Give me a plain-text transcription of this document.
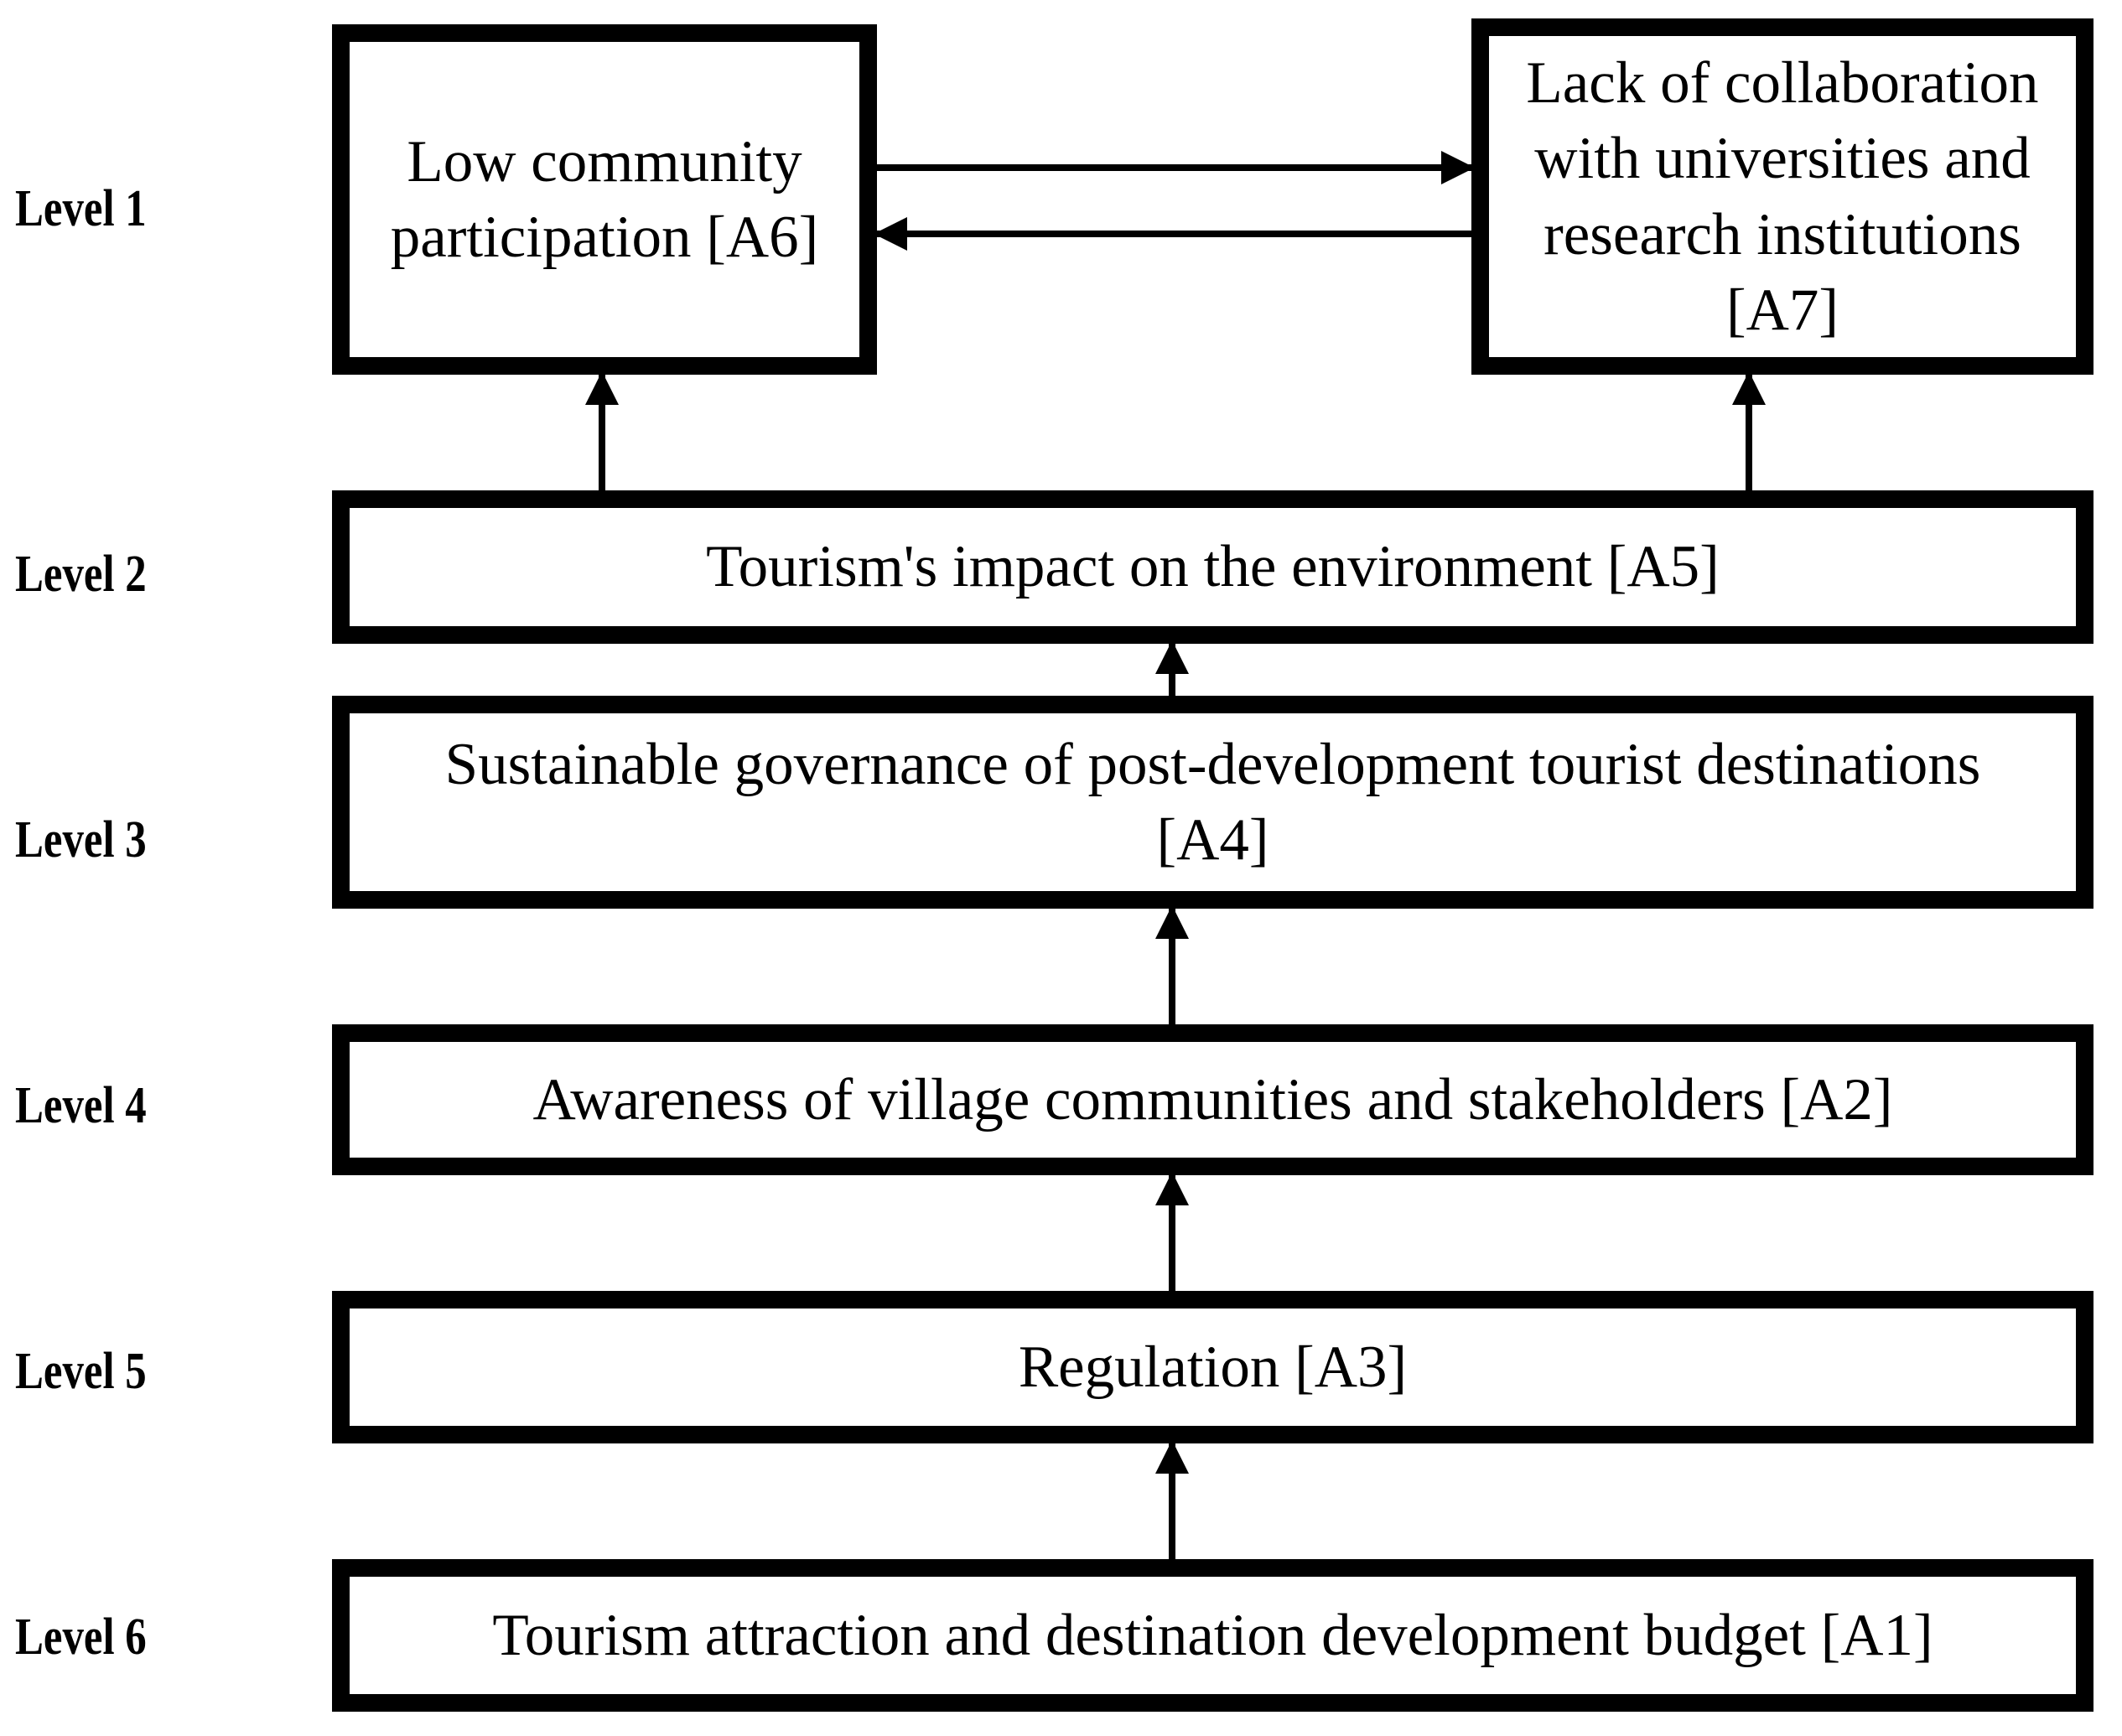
Level 1
Level 2
Level 3
Level 4
Level 5
Level 6
Low community participation [A6]
Lack of collaboration with universities and research institutions [A7]
Tourism's impact on the environment [A5]
Sustainable governance of post-development tourist destinations [A4]
Awareness of village communities and stakeholders [A2]
Regulation [A3]
Tourism attraction and destination development budget [A1]
